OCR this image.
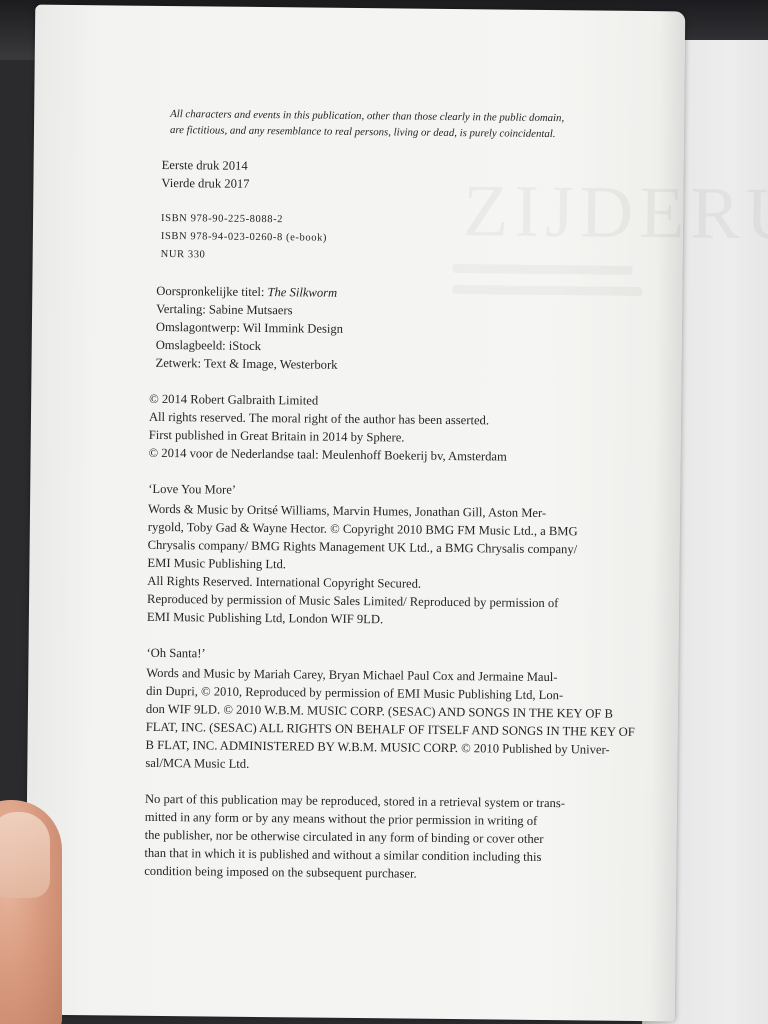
All characters and events in this publication, other than those clearly in the public domain,
are fictitious, and any resemblance to real persons, living or dead, is purely coincidental.
Eerste druk 2014
Vierde druk 2017
ISBN 978-90-225-8088-2
ISBN 978-94-023-0260-8 (e-book)
NUR 330
Oorspronkelijke titel: The Silkworm
Vertaling: Sabine Mutsaers
Omslagontwerp: Wil Immink Design
Omslagbeeld: iStock
Zetwerk: Text & Image, Westerbork
© 2014 Robert Galbraith Limited
All rights reserved. The moral right of the author has been asserted.
First published in Great Britain in 2014 by Sphere.
© 2014 voor de Nederlandse taal: Meulenhoff Boekerij bv, Amsterdam
‘Love You More’
Words & Music by Oritsé Williams, Marvin Humes, Jonathan Gill, Aston Mer-
rygold, Toby Gad & Wayne Hector. © Copyright 2010 BMG FM Music Ltd., a BMG
Chrysalis company/ BMG Rights Management UK Ltd., a BMG Chrysalis company/
EMI Music Publishing Ltd.
All Rights Reserved. International Copyright Secured.
Reproduced by permission of Music Sales Limited/ Reproduced by permission of
EMI Music Publishing Ltd, London WIF 9LD.
‘Oh Santa!’
Words and Music by Mariah Carey, Bryan Michael Paul Cox and Jermaine Maul-
din Dupri, © 2010, Reproduced by permission of EMI Music Publishing Ltd, Lon-
don WIF 9LD. © 2010 W.B.M. MUSIC CORP. (SESAC) AND SONGS IN THE KEY OF B
FLAT, INC. (SESAC) ALL RIGHTS ON BEHALF OF ITSELF AND SONGS IN THE KEY OF
B FLAT, INC. ADMINISTERED BY W.B.M. MUSIC CORP. © 2010 Published by Univer-
sal/MCA Music Ltd.
No part of this publication may be reproduced, stored in a retrieval system or trans-
mitted in any form or by any means without the prior permission in writing of
the publisher, nor be otherwise circulated in any form of binding or cover other
than that in which it is published and without a similar condition including this
condition being imposed on the subsequent purchaser.
